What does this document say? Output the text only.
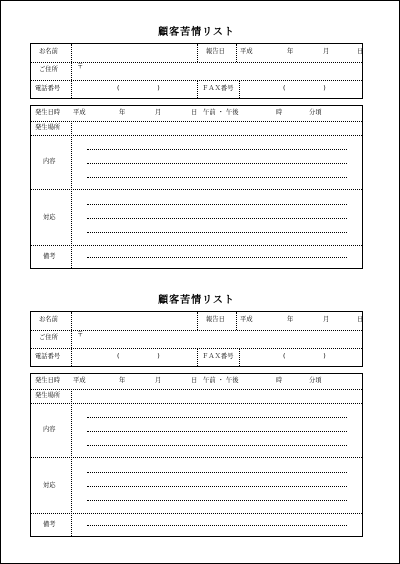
顧客苦情リスト
お名前	報告日 平成	年	月	日
ご住所	〒
電話番号	(　　　　　　)	ＦＡＸ番号	(　　　　　　)
発生日時 平成	年	月	日 午前 ・ 午後	時	分頃
発生場所
内容
対応
備考
顧客苦情リスト
お名前	報告日 平成	年	月	日
ご住所	〒
電話番号	(　　　　　　)	ＦＡＸ番号	(　　　　　　)
発生日時 平成	年	月	日 午前 ・ 午後	時	分頃
発生場所
内容
対応
備考
